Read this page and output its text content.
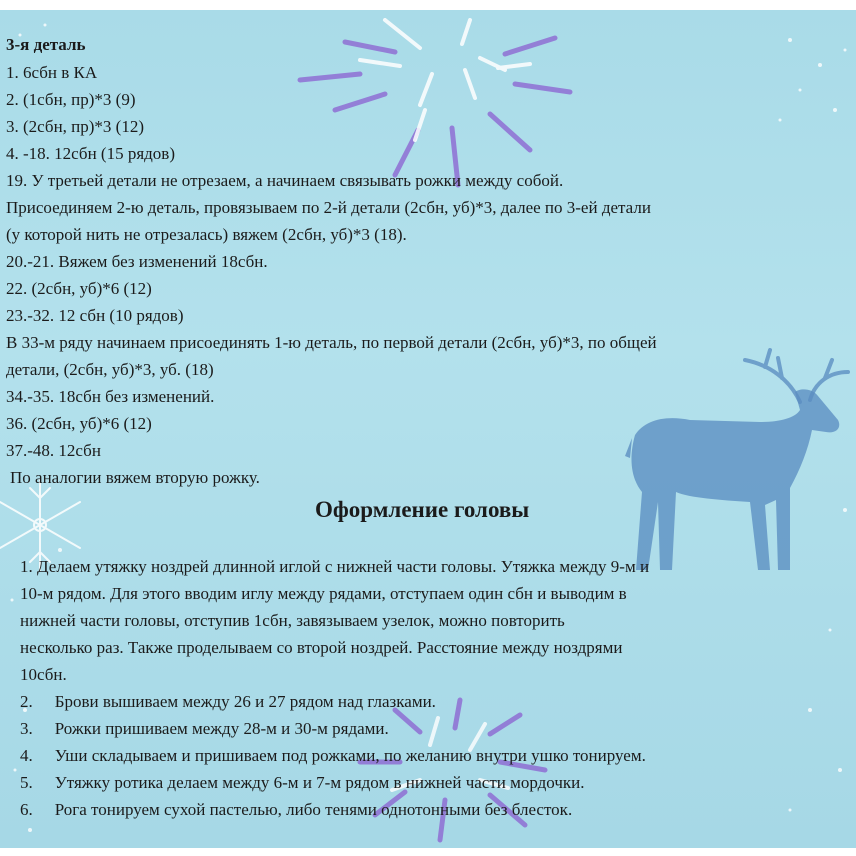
3-я деталь

1. 6сбн в КА

2. (1сбн, пр)*3 (9)

3. (2сбн, пр)*3 (12)

4. -18. 12сбн (15 рядов)

19. У третьей детали не отрезаем, а начинаем связывать рожки между собой.

Присоединяем 2-ю деталь, провязываем по 2-й детали (2сбн, уб)*3, далее по 3-ей детали

(у которой нить не отрезалась) вяжем (2сбн, уб)*3 (18).

20.-21. Вяжем без изменений 18сбн.

22. (2сбн, уб)*6 (12)

23.-32. 12 сбн (10 рядов)

В 33-м ряду начинаем присоединять 1-ю деталь, по первой детали (2сбн, уб)*3, по общей

детали, (2сбн, уб)*3, уб. (18)

34.-35. 18сбн без изменений.

36. (2сбн, уб)*6 (12)

37.-48. 12сбн

По аналогии вяжем вторую рожку.

Оформление головы

1. Делаем утяжку ноздрей длинной иглой с нижней части головы. Утяжка между 9-м и

10-м рядом. Для этого вводим иглу между рядами, отступаем один сбн и выводим в

нижней части головы, отступив 1сбн, завязываем узелок, можно повторить

несколько раз. Также проделываем со второй ноздрей. Расстояние между ноздрями

10сбн.

2. Брови вышиваем между 26 и 27 рядом над глазками.

3. Рожки пришиваем между 28-м и 30-м рядами.

4. Уши складываем и пришиваем под рожками, по желанию внутри ушко тонируем.

5. Утяжку ротика делаем между 6-м и 7-м рядом в нижней части мордочки.

6. Рога тонируем сухой пастелью, либо тенями однотонными без блесток.
